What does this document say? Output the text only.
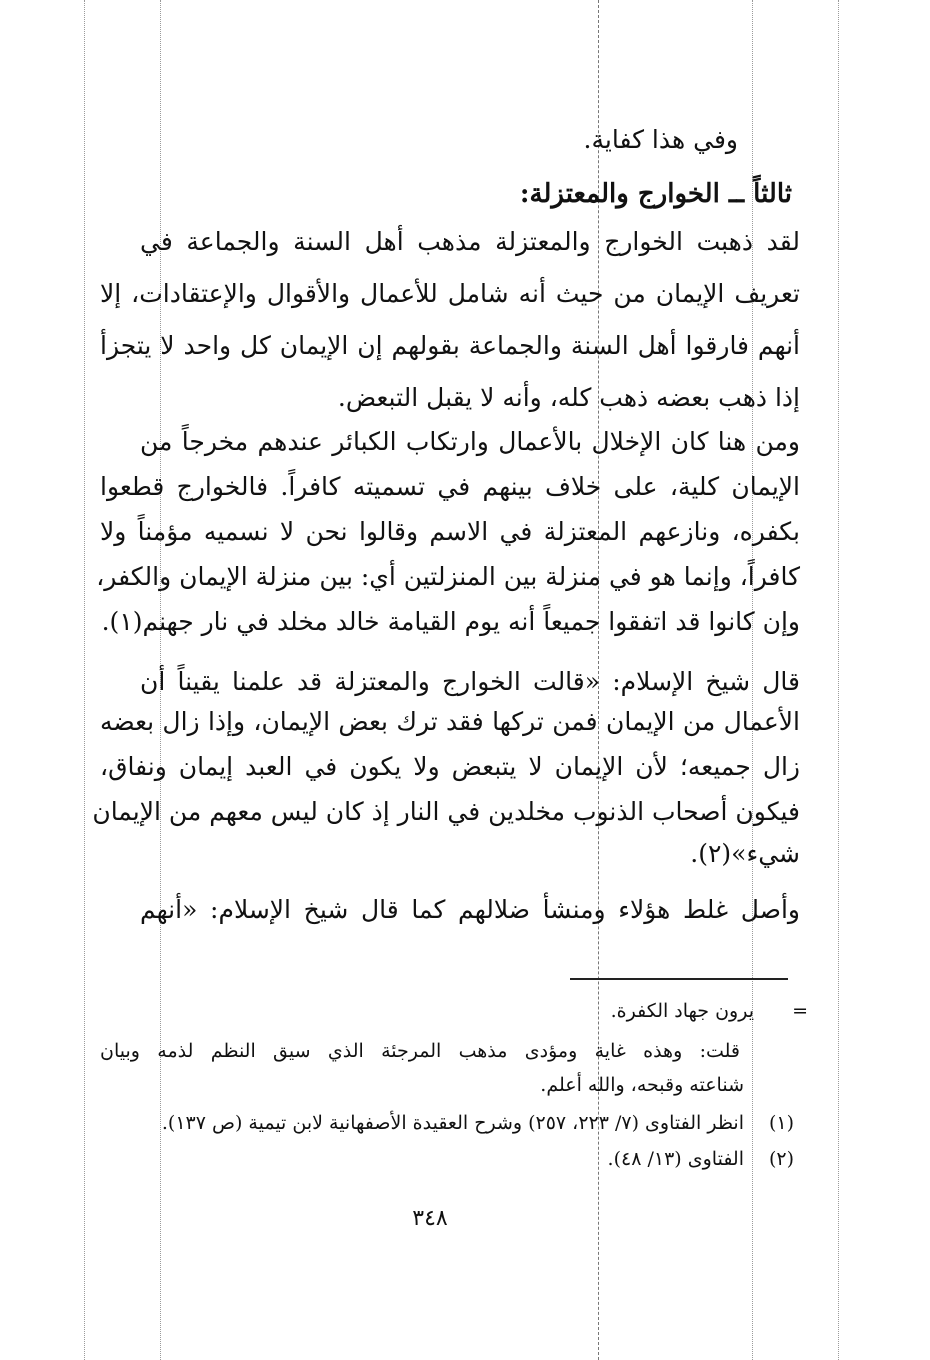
وفي هذا كفاية.
ثالثاً ــ الخوارج والمعتزلة:
لقد ذهبت الخوارج والمعتزلة مذهب أهل السنة والجماعة في
تعريف الإيمان من حيث أنه شامل للأعمال والأقوال والإعتقادات، إلا
أنهم فارقوا أهل السنة والجماعة بقولهم إن الإيمان كل واحد لا يتجزأ
إذا ذهب بعضه ذهب كله، وأنه لا يقبل التبعض.
ومن هنا كان الإخلال بالأعمال وارتكاب الكبائر عندهم مخرجاً من
الإيمان كلية، على خلاف بينهم في تسميته كافراً. فالخوارج قطعوا
بكفره، ونازعهم المعتزلة في الاسم وقالوا نحن لا نسميه مؤمناً ولا
كافراً، وإنما هو في منزلة بين المنزلتين أي: بين منزلة الإيمان والكفر،
وإن كانوا قد اتفقوا جميعاً أنه يوم القيامة خالد مخلد في نار جهنم(١).
قال شيخ الإسلام: «قالت الخوارج والمعتزلة قد علمنا يقيناً أن
الأعمال من الإيمان فمن تركها فقد ترك بعض الإيمان، وإذا زال بعضه
زال جميعه؛ لأن الإيمان لا يتبعض ولا يكون في العبد إيمان ونفاق،
فيكون أصحاب الذنوب مخلدين في النار إذ كان ليس معهم من الإيمان
شيء»(٢).
وأصل غلط هؤلاء ومنشأ ضلالهم كما قال شيخ الإسلام: «أنهم
=
يرون جهاد الكفرة.
قلت: وهذه غاية ومؤدى مذهب المرجئة الذي سيق النظم لذمه وبيان
شناعته وقبحه، والله أعلم.
(١)
انظر الفتاوى (٧/ ٢٢٣، ٢٥٧) وشرح العقيدة الأصفهانية لابن تيمية (ص ١٣٧).
(٢)
الفتاوى (١٣/ ٤٨).
٣٤٨
